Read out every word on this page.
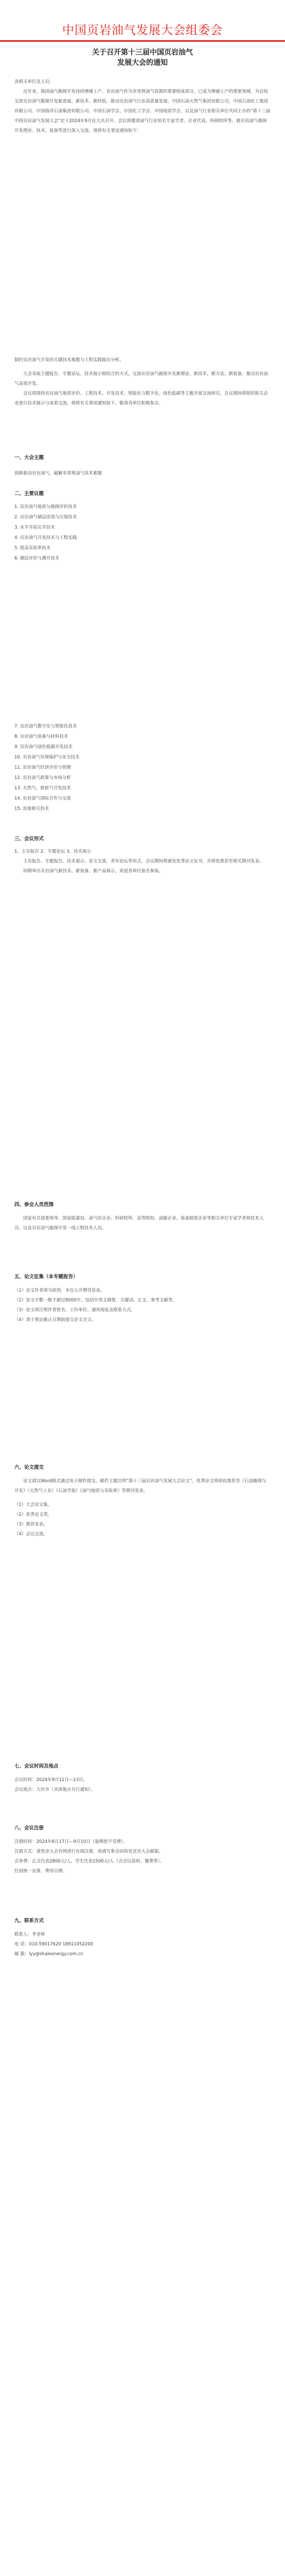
中国页岩油气发展大会组委会
关于召开第十三届中国页岩油气
发展大会的通知

各相关单位及人员：

近年来，我国油气勘探开发持续增储上产，页岩油气作为非常规油气资源的重要组成部分，已成为增储上产的重要领域。为总结交流页岩油气勘探开发新进展、新技术、新经验，推动页岩油气行业高质量发展，中国石油天然气集团有限公司、中国石油化工集团有限公司、中国海洋石油集团有限公司、中国石油学会、中国化工学会、中国地质学会，以及油气行业相关单位共同主办的“第十三届中国页岩油气发展大会”定于2024年9月在大庆召开。会议将邀请油气行业知名专家学者、企业代表、科研院所等，就页岩油气勘探开发理论、技术、装备等进行深入交流。现将有关事宜通知如下：

制约页岩油气开发的关键技术难题与工程实践提出分析。

大会采取主题报告、专题论坛、技术展示相结合的方式，交流页岩油气勘探开发新理论、新技术、新方法、新装备，推动页岩油气高效开发。

会议将围绕页岩油气地质评价、工程技术、开发技术、智能化与数字化、绿色低碳等主题开展交流研讨，会议期间将组织相关企业进行技术展示与成果交流。现将有关事项通知如下，敬请各单位积极参会。

一、大会主题

创新驱动页岩油气，破解非常规油气技术难题

二、主要议题

1. 页岩油气地质与勘探评价技术

2. 页岩油气储层改造与压裂技术

3. 水平井钻完井技术

4. 页岩油气开发技术与工程实践

5. 提高采收率技术

6. 储层评价与测井技术

7. 页岩油气数字化与智能化技术

8. 页岩油气装备与材料技术

9. 页岩油气绿色低碳开发技术

10. 页岩油气环境保护与安全技术

11. 页岩油气经济评价与管理

12. 页岩油气政策与市场分析

13. 天然气、致密气开发技术

14. 页岩油气国际合作与交流

15. 其他相关技术

三、会议形式

1、主旨报告 2、专题论坛 3、技术展示

主旨报告、专题报告、技术展示、论文交流、青年论坛等形式。会议期间将颁发优秀论文证书，并择优推荐至相关期刊发表。

同期举办页岩油气新技术、新装备、新产品展示，欢迎各单位报名参展。

四、参会人员范围

国家有关部委领导、国家能源局、油气田企业、科研院所、高等院校、油服企业、装备制造企业等相关单位专家学者和技术人员，以及页岩油气勘探开发一线工程技术人员。

五、论文征集（本专题报告）

（1）论文作者须为原创，未在公开期刊发表。

（2）论文字数一般不超过8000字，包括中英文摘要、关键词、正文、参考文献等。

（3）论文须注明作者姓名、工作单位、通讯地址及联系方式。

（4）请于规定截止日期前提交论文全文。

六、论文提交

论文请以Word格式通过电子邮件提交，邮件主题注明“第十三届页岩油气发展大会论文”。优秀论文将择优推荐至《石油勘探与开发》《天然气工业》《石油学报》《油气地质与采收率》等期刊发表。

（1）大会论文集。

（2）优秀论文奖。

（3）推荐发表。

（4）会议交流。

七、会议时间及地点

会议时间：2024年9月11日—13日。

会议地点：大庆市（具体地点另行通知）。

八、会议注册

注册时间：2024年6月17日—9月10日（逾期恕不受理）。

注册方式：请登录大会官网进行在线注册，或填写参会回执发送至大会邮箱。

会务费：正式代表2800元/人，学生代表1500元/人（含会议资料、餐费等）。

住宿统一安排，费用自理。

九、联系方式

联系人：李老师

电 话：010-59017620 18911052200

邮 箱：lyy@shaleenergy.com.cn
